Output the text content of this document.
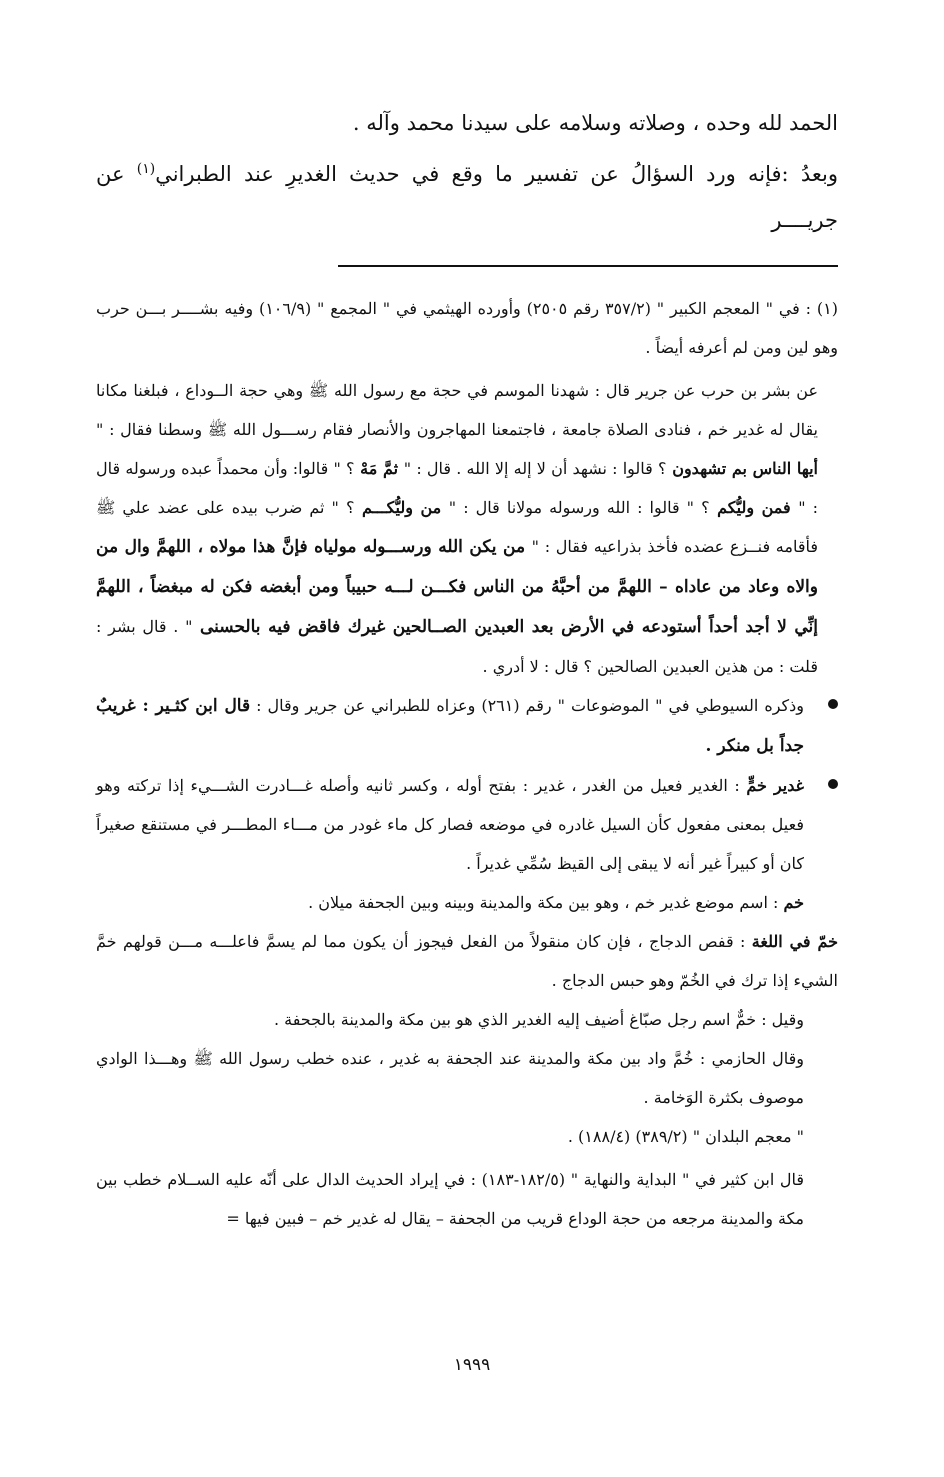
الحمد لله وحده ، وصلاته وسلامه على سيدنا محمد وآله .

وبعدُ :فإنه ورد السؤالُ عن تفسير ما وقع في حديث الغديرِ عند الطبراني$^{(١)}$ عن جريــــر

(١) : في " المعجم الكبير " (٣٥٧/٢ رقم ٢٥٠٥) وأورده الهيثمي في " المجمع " (١٠٦/٩) وفيه بشــــر بـــن حرب وهو لين ومن لم أعرفه أيضاً .

عن بشر بن حرب عن جرير قال : شهدنا الموسم في حجة مع رسول الله ﷺ وهي حجة الــوداع ، فبلغنا مكانا يقال له غدير خم ، فنادى الصلاة جامعة ، فاجتمعنا المهاجرون والأنصار فقام رســـول الله ﷺ وسطنا فقال : " أيها الناس بم تشهدون ؟ قالوا : نشهد أن لا إله إلا الله . قال : " ثمَّ مَهْ ؟ " قالوا: وأن محمداً عبده ورسوله قال : " فمن وليُّكم ؟ " قالوا : الله ورسوله مولانا قال : " من وليُّكـــم ؟ " ثم ضرب بيده على عضد علي ﷺ فأقامه فنــزع عضده فأخذ بذراعيه فقال : " من يكن الله ورســـوله مولياه فإنَّ هذا مولاه ، اللهمَّ وال من والاه وعاد من عاداه – اللهمَّ من أحبَّهُ من الناس فكـــن لـــه حبيباً ومن أبغضه فكن له مبغضاً ، اللهمَّ إنِّي لا أجد أحداً أستودعه في الأرض بعد العبدين الصــالحين غيرك فاقض فيه بالحسنى " . قال بشر : قلت : من هذين العبدين الصالحين ؟ قال : لا أدري .

وذكره السيوطي في " الموضوعات " رقم (٢٦١) وعزاه للطبراني عن جرير وقال : قال ابن كثـير : غريبٌ جداً بل منكر .

غدير خمٍّ : الغدير فعيل من الغدر ، غدير : بفتح أوله ، وكسر ثانيه وأصله غـــادرت الشـــيء إذا تركته وهو فعيل بمعنى مفعول كأن السيل غادره في موضعه فصار كل ماء غودر من مـــاء المطـــر في مستنقع صغيراً كان أو كبيراً غير أنه لا يبقى إلى القيظ سُمِّي غديراً .

خم : اسم موضع غدير خم ، وهو بين مكة والمدينة وبينه وبين الجحفة ميلان .

خمّ في اللغة : قفص الدجاج ، فإن كان منقولاً من الفعل فيجوز أن يكون مما لم يسمَّ فاعلـــه مـــن قولهم خمَّ الشيء إذا ترك في الخُمّ وهو حبس الدجاج .

وقيل : خمٌّ اسم رجل صبّاغ أضيف إليه الغدير الذي هو بين مكة والمدينة بالجحفة .

وقال الحازمي : خُمَّ واد بين مكة والمدينة عند الجحفة به غدير ، عنده خطب رسول الله ﷺ وهـــذا الوادي موصوف بكثرة الوَخامة .

" معجم البلدان " (٣٨٩/٢) (١٨٨/٤) .

قال ابن كثير في " البداية والنهاية " (١٨٢/٥-١٨٣) : في إيراد الحديث الدال على أنّه عليه الســلام خطب بين مكة والمدينة مرجعه من حجة الوداع قريب من الجحفة – يقال له غدير خم – فبين فيها =

١٩٩٩
